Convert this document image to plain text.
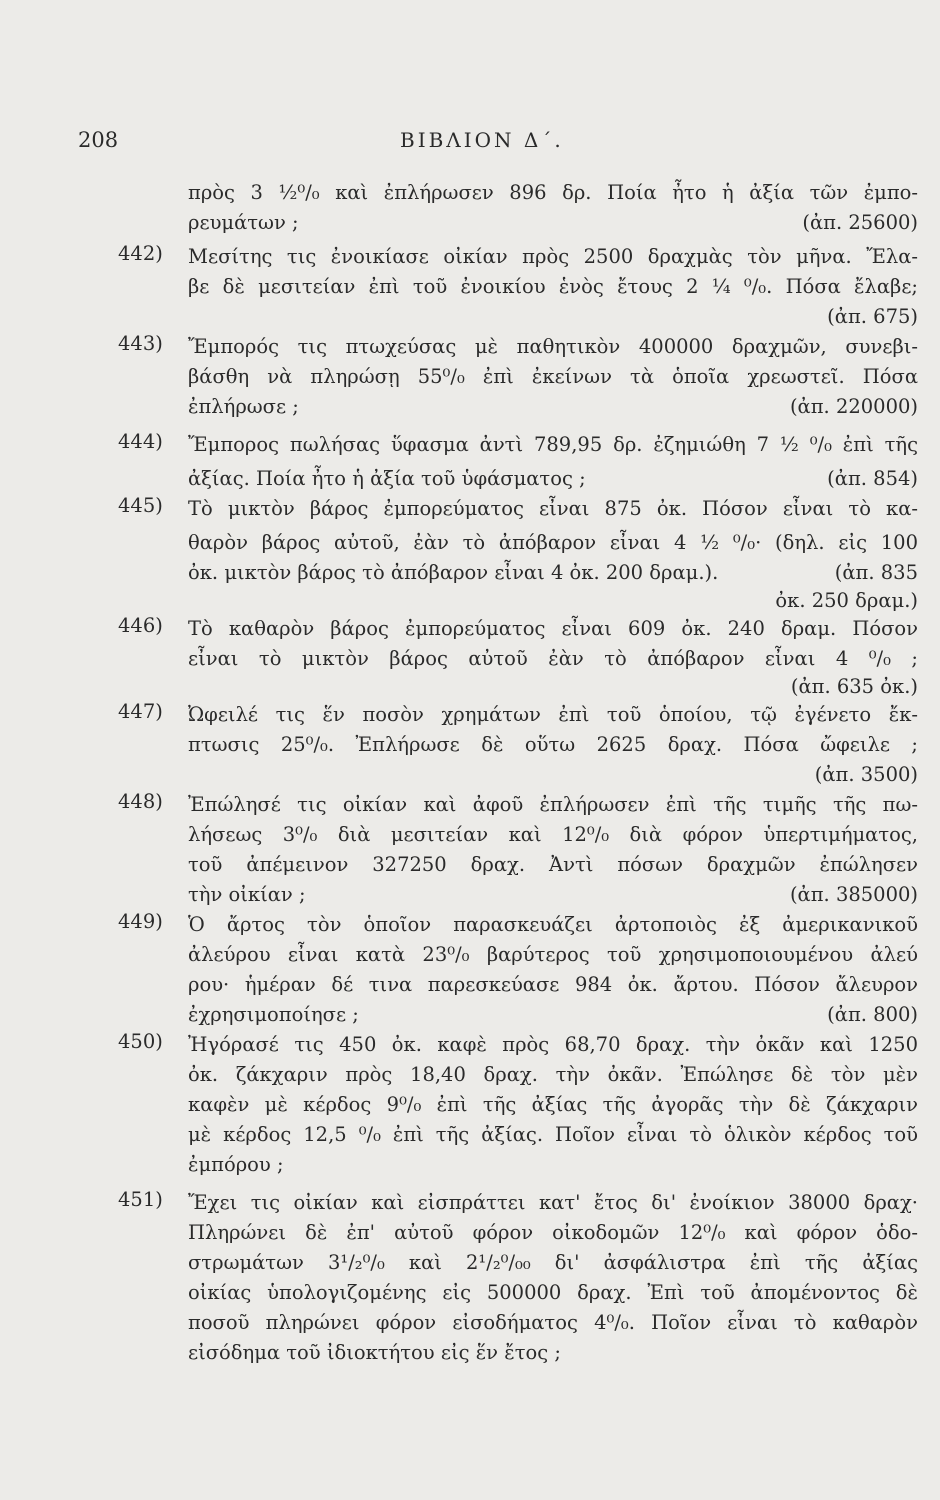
208	ΒΙΒΛΙΟΝ Δ΄.
πρὸς 3 ½⁰/₀ καὶ ἐπλήρωσεν 896 δρ. Ποία ἦτο ἡ ἀξία τῶν ἐμπο-
ρευμάτων ;	(ἀπ. 25600)
442)	Μεσίτης τις ἐνοικίασε οἰκίαν πρὸς 2500 δραχμὰς τὸν μῆνα. Ἔλα-
βε δὲ μεσιτείαν ἐπὶ τοῦ ἐνοικίου ἑνὸς ἔτους 2 ¼ ⁰/₀. Πόσα ἔλαβε;
(ἀπ. 675)
443)	Ἔμπορός τις πτωχεύσας μὲ παθητικὸν 400000 δραχμῶν, συνεβι-
βάσθη νὰ πληρώσῃ 55⁰/₀ ἐπὶ ἐκείνων τὰ ὁποῖα χρεωστεῖ. Πόσα
ἐπλήρωσε ;	(ἀπ. 220000)
444)	Ἔμπορος πωλήσας ὕφασμα ἀντὶ 789,95 δρ. ἐζημιώθη 7 ½ ⁰/₀ ἐπὶ τῆς
ἀξίας. Ποία ἦτο ἡ ἀξία τοῦ ὑφάσματος ;	(ἀπ. 854)
445)	Τὸ μικτὸν βάρος ἐμπορεύματος εἶναι 875 ὀκ. Πόσον εἶναι τὸ κα-
θαρὸν βάρος αὐτοῦ, ἐὰν τὸ ἀπόβαρον εἶναι 4 ½ ⁰/₀· (δηλ. εἰς 100
ὀκ. μικτὸν βάρος τὸ ἀπόβαρον εἶναι 4 ὀκ. 200 δραμ.).	(ἀπ. 835
ὀκ. 250 δραμ.)
446)	Τὸ καθαρὸν βάρος ἐμπορεύματος εἶναι 609 ὀκ. 240 δραμ. Πόσον
εἶναι τὸ μικτὸν βάρος αὐτοῦ ἐὰν τὸ ἀπόβαρον εἶναι 4 ⁰/₀ ;
(ἀπ. 635 ὀκ.)
447)	Ὠφειλέ τις ἕν ποσὸν χρημάτων ἐπὶ τοῦ ὁποίου, τῷ ἐγένετο ἔκ-
πτωσις 25⁰/₀. Ἐπλήρωσε δὲ οὕτω 2625 δραχ. Πόσα ὤφειλε ;
(ἀπ. 3500)
448)	Ἐπώλησέ τις οἰκίαν καὶ ἀφοῦ ἐπλήρωσεν ἐπὶ τῆς τιμῆς τῆς πω-
λήσεως 3⁰/₀ διὰ μεσιτείαν καὶ 12⁰/₀ διὰ φόρον ὑπερτιμήματος,
τοῦ ἀπέμεινον 327250 δραχ. Ἀντὶ πόσων δραχμῶν ἐπώλησεν
τὴν οἰκίαν ;	(ἀπ. 385000)
449)	Ὁ ἄρτος τὸν ὁποῖον παρασκευάζει ἀρτοποιὸς ἐξ ἀμερικανικοῦ
ἀλεύρου εἶναι κατὰ 23⁰/₀ βαρύτερος τοῦ χρησιμοποιουμένου ἀλεύ
ρου· ἡμέραν δέ τινα παρεσκεύασε 984 ὀκ. ἄρτου. Πόσον ἄλευρον
ἐχρησιμοποίησε ;	(ἀπ. 800)
450)	Ἠγόρασέ τις 450 ὀκ. καφὲ πρὸς 68,70 δραχ. τὴν ὀκᾶν καὶ 1250
ὀκ. ζάκχαριν πρὸς 18,40 δραχ. τὴν ὀκᾶν. Ἐπώλησε δὲ τὸν μὲν
καφὲν μὲ κέρδος 9⁰/₀ ἐπὶ τῆς ἀξίας τῆς ἀγορᾶς τὴν δὲ ζάκχαριν
μὲ κέρδος 12,5 ⁰/₀ ἐπὶ τῆς ἀξίας. Ποῖον εἶναι τὸ ὁλικὸν κέρδος τοῦ
ἐμπόρου ;
451)	Ἔχει τις οἰκίαν καὶ εἰσπράττει κατ' ἔτος δι' ἐνοίκιον 38000 δραχ·
Πληρώνει δὲ ἐπ' αὐτοῦ φόρον οἰκοδομῶν 12⁰/₀ καὶ φόρον ὁδο-
στρωμάτων 3¹/₂⁰/₀ καὶ 2¹/₂⁰/₀₀ δι' ἀσφάλιστρα ἐπὶ τῆς ἀξίας
οἰκίας ὑπολογιζομένης εἰς 500000 δραχ. Ἐπὶ τοῦ ἀπομένοντος δὲ
ποσοῦ πληρώνει φόρον εἰσοδήματος 4⁰/₀. Ποῖον εἶναι τὸ καθαρὸν
εἰσόδημα τοῦ ἰδιοκτήτου εἰς ἕν ἔτος ;
